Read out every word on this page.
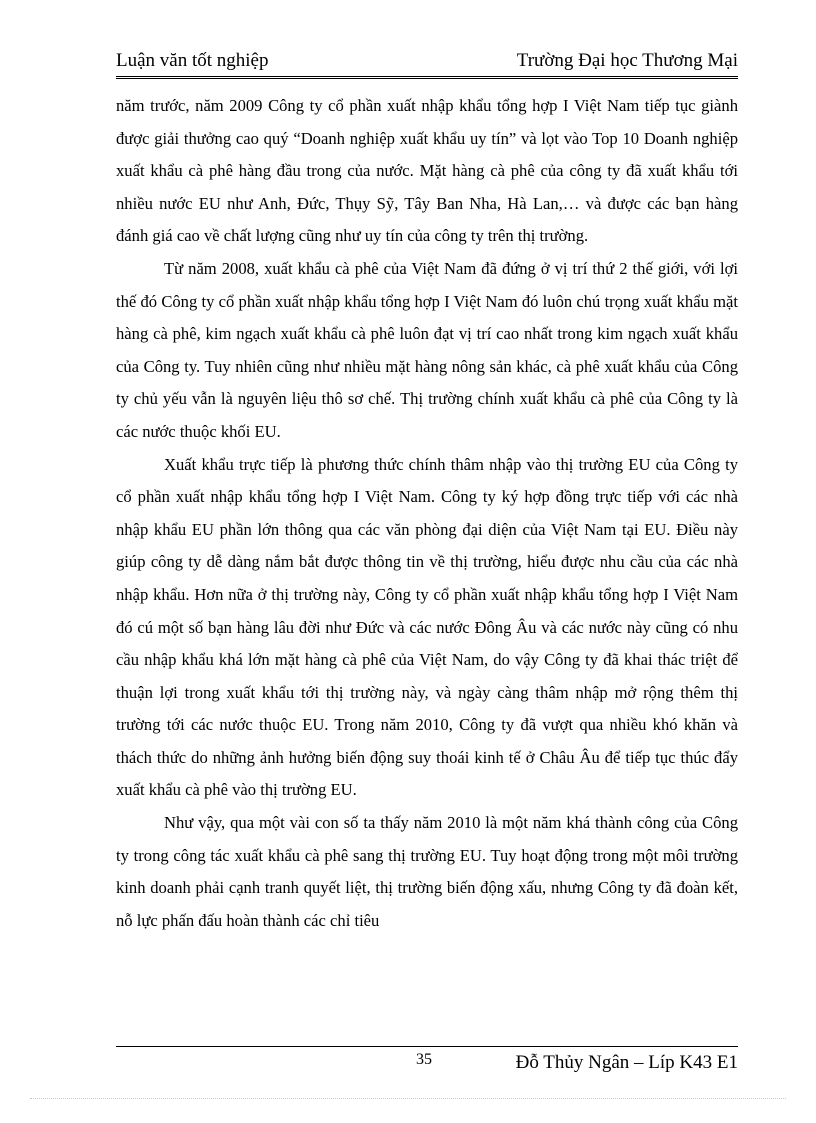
Luận văn tốt nghiệp	Trường Đại học Thương Mại

năm trước, năm 2009 Công ty cổ phần xuất nhập khẩu tổng hợp I Việt Nam tiếp tục giành được giải thưởng cao quý “Doanh nghiệp xuất khẩu uy tín” và lọt vào Top 10 Doanh nghiệp xuất khẩu cà phê hàng đầu trong của nước. Mặt hàng cà phê của công ty đã xuất khẩu tới nhiều nước EU như Anh, Đức, Thụy Sỹ, Tây Ban Nha, Hà Lan,… và được các bạn hàng đánh giá cao về chất lượng cũng như uy tín của công ty trên thị trường.

Từ năm 2008, xuất khẩu cà phê của Việt Nam đã đứng ở vị trí thứ 2 thế giới, với lợi thế đó Công ty cổ phần xuất nhập khẩu tổng hợp I Việt Nam đó luôn chú trọng xuất khẩu mặt hàng cà phê, kim ngạch xuất khẩu cà phê luôn đạt vị trí cao nhất trong kim ngạch xuất khẩu của Công ty. Tuy nhiên cũng như nhiều mặt hàng nông sản khác, cà phê xuất khẩu của Công ty chủ yếu vẫn là nguyên liệu thô sơ chế. Thị trường chính xuất khẩu cà phê của Công ty là các nước thuộc khối EU.

Xuất khẩu trực tiếp là phương thức chính thâm nhập vào thị trường EU của Công ty cổ phần xuất nhập khẩu tổng hợp I Việt Nam. Công ty ký hợp đồng trực tiếp với các nhà nhập khẩu EU phần lớn thông qua các văn phòng đại diện của Việt Nam tại EU. Điều này giúp công ty dễ dàng nắm bắt được thông tin về thị trường, hiểu được nhu cầu của các nhà nhập khẩu. Hơn nữa ở thị trường này, Công ty cổ phần xuất nhập khẩu tổng hợp I Việt Nam đó cú một số bạn hàng lâu đời như Đức và các nước Đông Âu và các nước này cũng có nhu cầu nhập khẩu khá lớn mặt hàng cà phê của Việt Nam, do vậy Công ty đã khai thác triệt để thuận lợi trong xuất khẩu tới thị trường này, và ngày càng thâm nhập mở rộng thêm thị trường tới các nước thuộc EU. Trong năm 2010, Công ty đã vượt qua nhiều khó khăn và thách thức do những ảnh hưởng biến động suy thoái kinh tế ở Châu Âu để tiếp tục thúc đẩy xuất khẩu cà phê vào thị trường EU.

Như vậy, qua một vài con số ta thấy năm 2010 là một năm khá thành công của Công ty trong công tác xuất khẩu cà phê sang thị trường EU. Tuy hoạt động trong một môi trường kinh doanh phải cạnh tranh quyết liệt, thị trường biến động xấu, nhưng Công ty đã đoàn kết, nỗ lực phấn đấu hoàn thành các chỉ tiêu

35	Đỗ Thủy Ngân – Líp K43 E1
